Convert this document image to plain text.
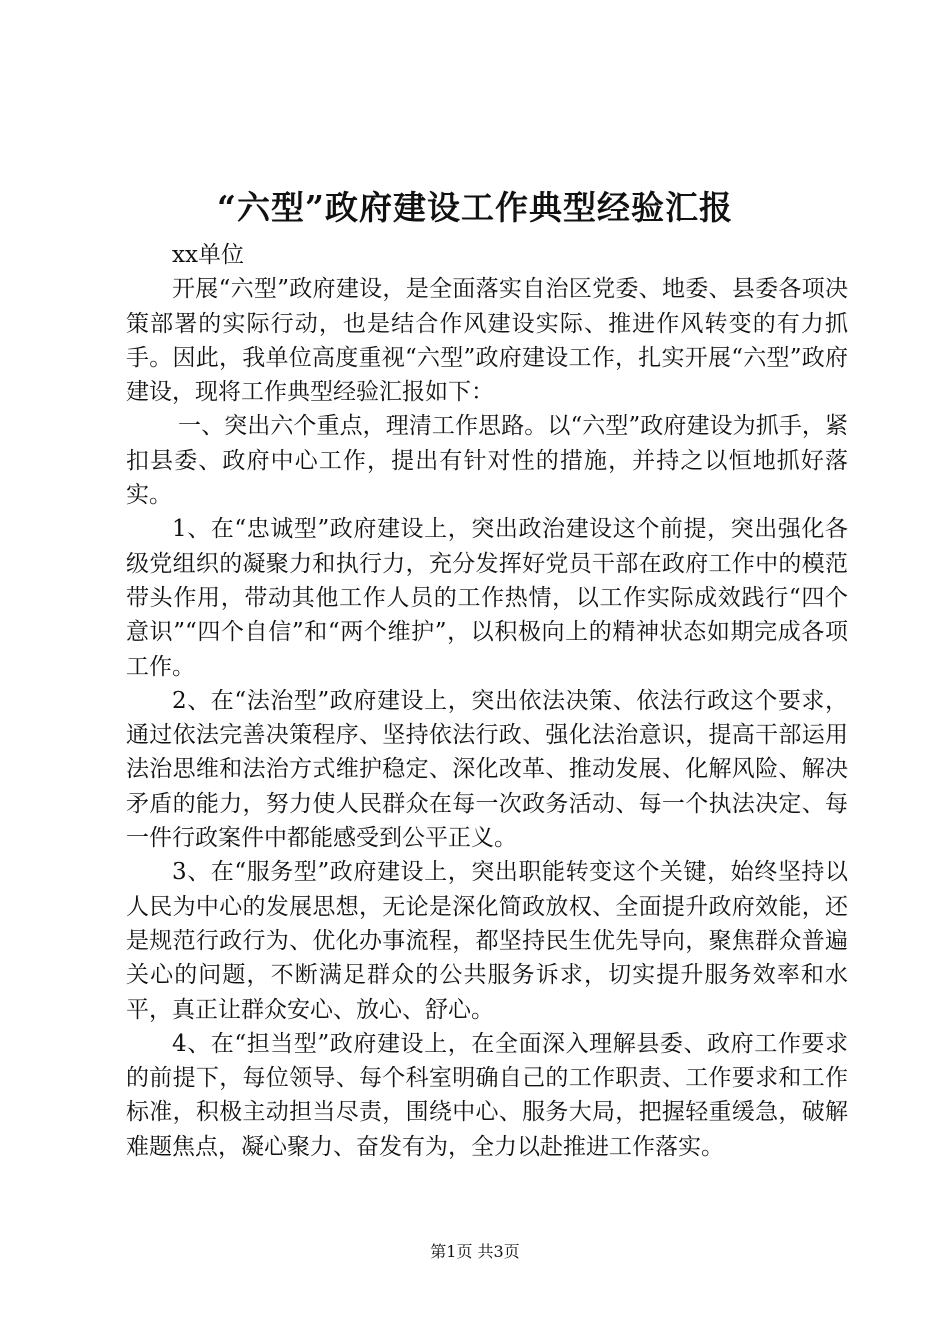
“六型”政府建设工作典型经验汇报

xx单位

开展“六型”政府建设，是全面落实自治区党委、地委、县委各项决策部署的实际行动，也是结合作风建设实际、推进作风转变的有力抓手。因此，我单位高度重视“六型”政府建设工作，扎实开展“六型”政府建设，现将工作典型经验汇报如下：

一、突出六个重点，理清工作思路。以“六型”政府建设为抓手，紧扣县委、政府中心工作，提出有针对性的措施，并持之以恒地抓好落实。

1、在“忠诚型”政府建设上，突出政治建设这个前提，突出强化各级党组织的凝聚力和执行力，充分发挥好党员干部在政府工作中的模范带头作用，带动其他工作人员的工作热情，以工作实际成效践行“四个意识”“四个自信”和“两个维护”，以积极向上的精神状态如期完成各项工作。

2、在“法治型”政府建设上，突出依法决策、依法行政这个要求，通过依法完善决策程序、坚持依法行政、强化法治意识，提高干部运用法治思维和法治方式维护稳定、深化改革、推动发展、化解风险、解决矛盾的能力，努力使人民群众在每一次政务活动、每一个执法决定、每一件行政案件中都能感受到公平正义。

3、在“服务型”政府建设上，突出职能转变这个关键，始终坚持以人民为中心的发展思想，无论是深化简政放权、全面提升政府效能，还是规范行政行为、优化办事流程，都坚持民生优先导向，聚焦群众普遍关心的问题，不断满足群众的公共服务诉求，切实提升服务效率和水平，真正让群众安心、放心、舒心。

4、在“担当型”政府建设上，在全面深入理解县委、政府工作要求的前提下，每位领导、每个科室明确自己的工作职责、工作要求和工作标准，积极主动担当尽责，围绕中心、服务大局，把握轻重缓急，破解难题焦点，凝心聚力、奋发有为，全力以赴推进工作落实。

第1页 共3页
